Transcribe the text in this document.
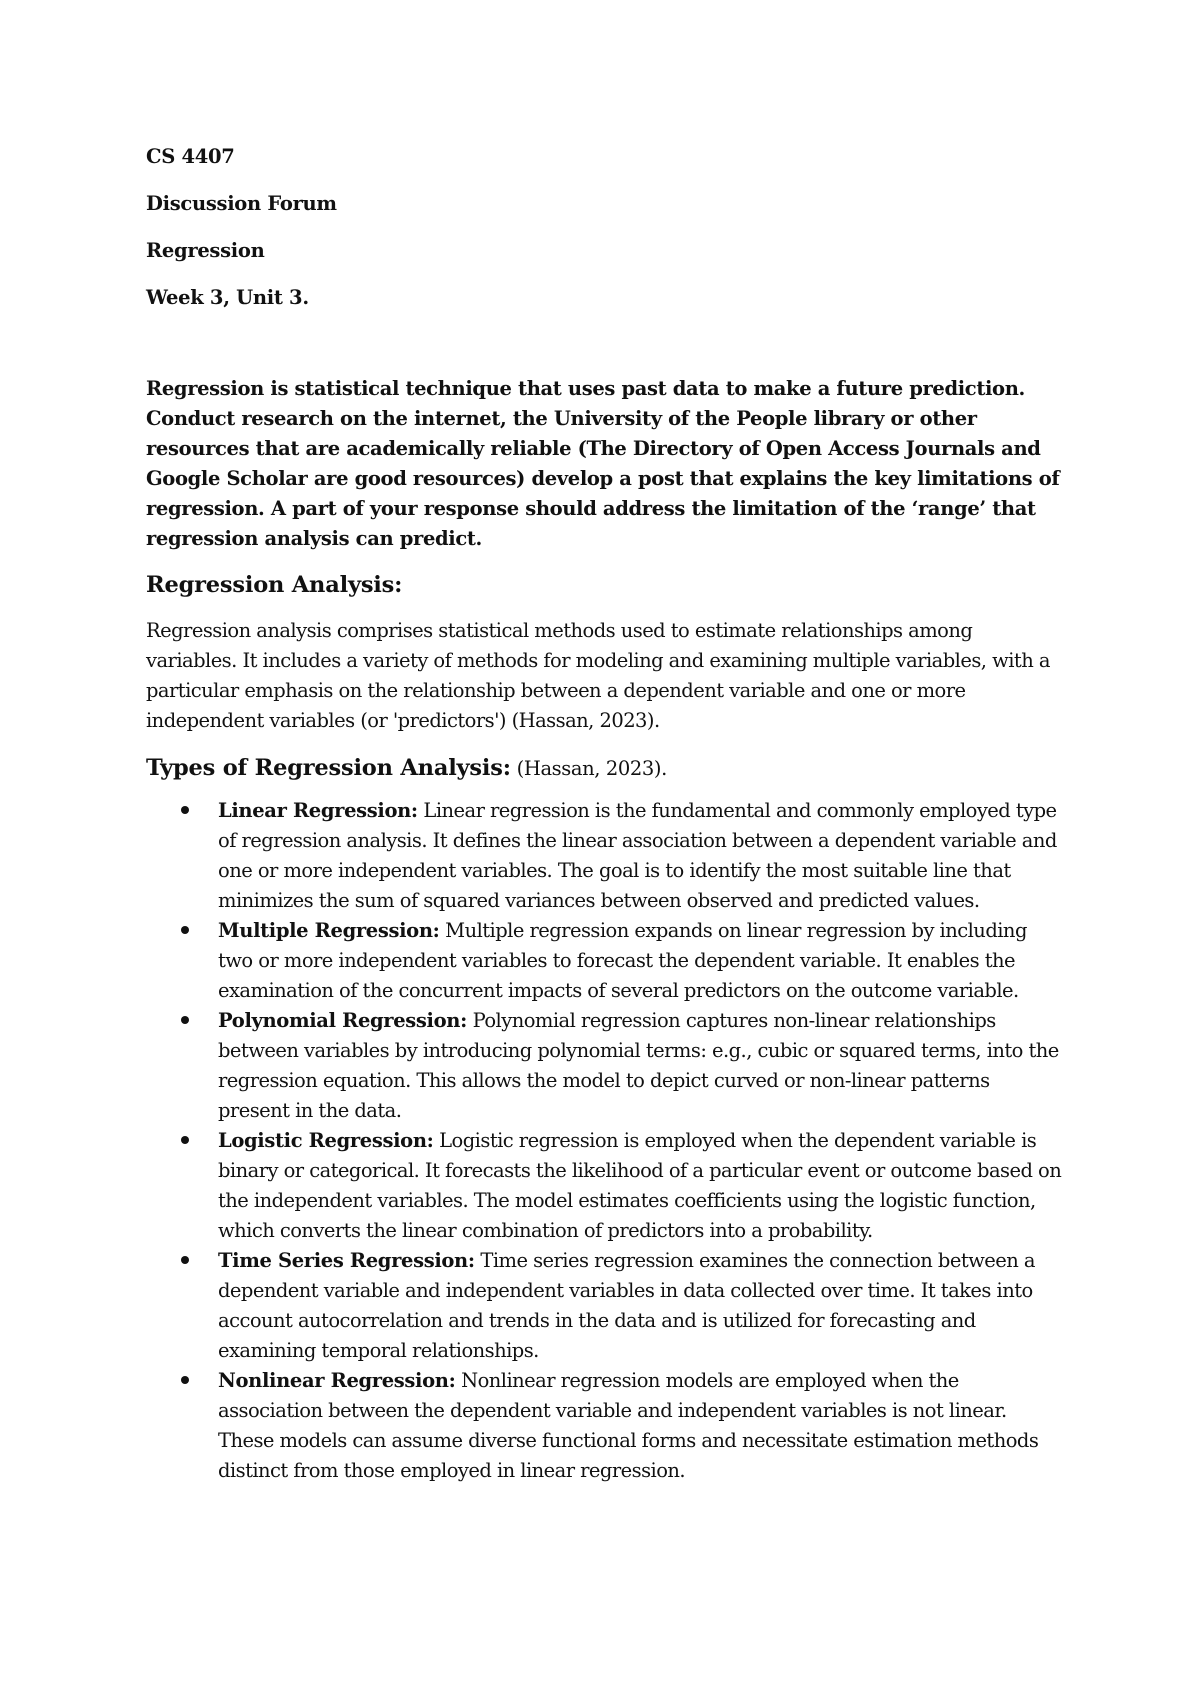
CS 4407
Discussion Forum
Regression
Week 3, Unit 3.

Regression is statistical technique that uses past data to make a future prediction. Conduct research on the internet, the University of the People library or other resources that are academically reliable (The Directory of Open Access Journals and Google Scholar are good resources) develop a post that explains the key limitations of regression. A part of your response should address the limitation of the ‘range’ that regression analysis can predict.

Regression Analysis:

Regression analysis comprises statistical methods used to estimate relationships among variables. It includes a variety of methods for modeling and examining multiple variables, with a particular emphasis on the relationship between a dependent variable and one or more independent variables (or 'predictors') (Hassan, 2023).

Types of Regression Analysis: (Hassan, 2023).
Linear Regression: Linear regression is the fundamental and commonly employed type of regression analysis. It defines the linear association between a dependent variable and one or more independent variables. The goal is to identify the most suitable line that minimizes the sum of squared variances between observed and predicted values.
Multiple Regression: Multiple regression expands on linear regression by including two or more independent variables to forecast the dependent variable. It enables the examination of the concurrent impacts of several predictors on the outcome variable.
Polynomial Regression: Polynomial regression captures non-linear relationships between variables by introducing polynomial terms: e.g., cubic or squared terms, into the regression equation. This allows the model to depict curved or non-linear patterns present in the data.
Logistic Regression: Logistic regression is employed when the dependent variable is binary or categorical. It forecasts the likelihood of a particular event or outcome based on the independent variables. The model estimates coefficients using the logistic function, which converts the linear combination of predictors into a probability.
Time Series Regression: Time series regression examines the connection between a dependent variable and independent variables in data collected over time. It takes into account autocorrelation and trends in the data and is utilized for forecasting and examining temporal relationships.
Nonlinear Regression: Nonlinear regression models are employed when the association between the dependent variable and independent variables is not linear. These models can assume diverse functional forms and necessitate estimation methods distinct from those employed in linear regression.
